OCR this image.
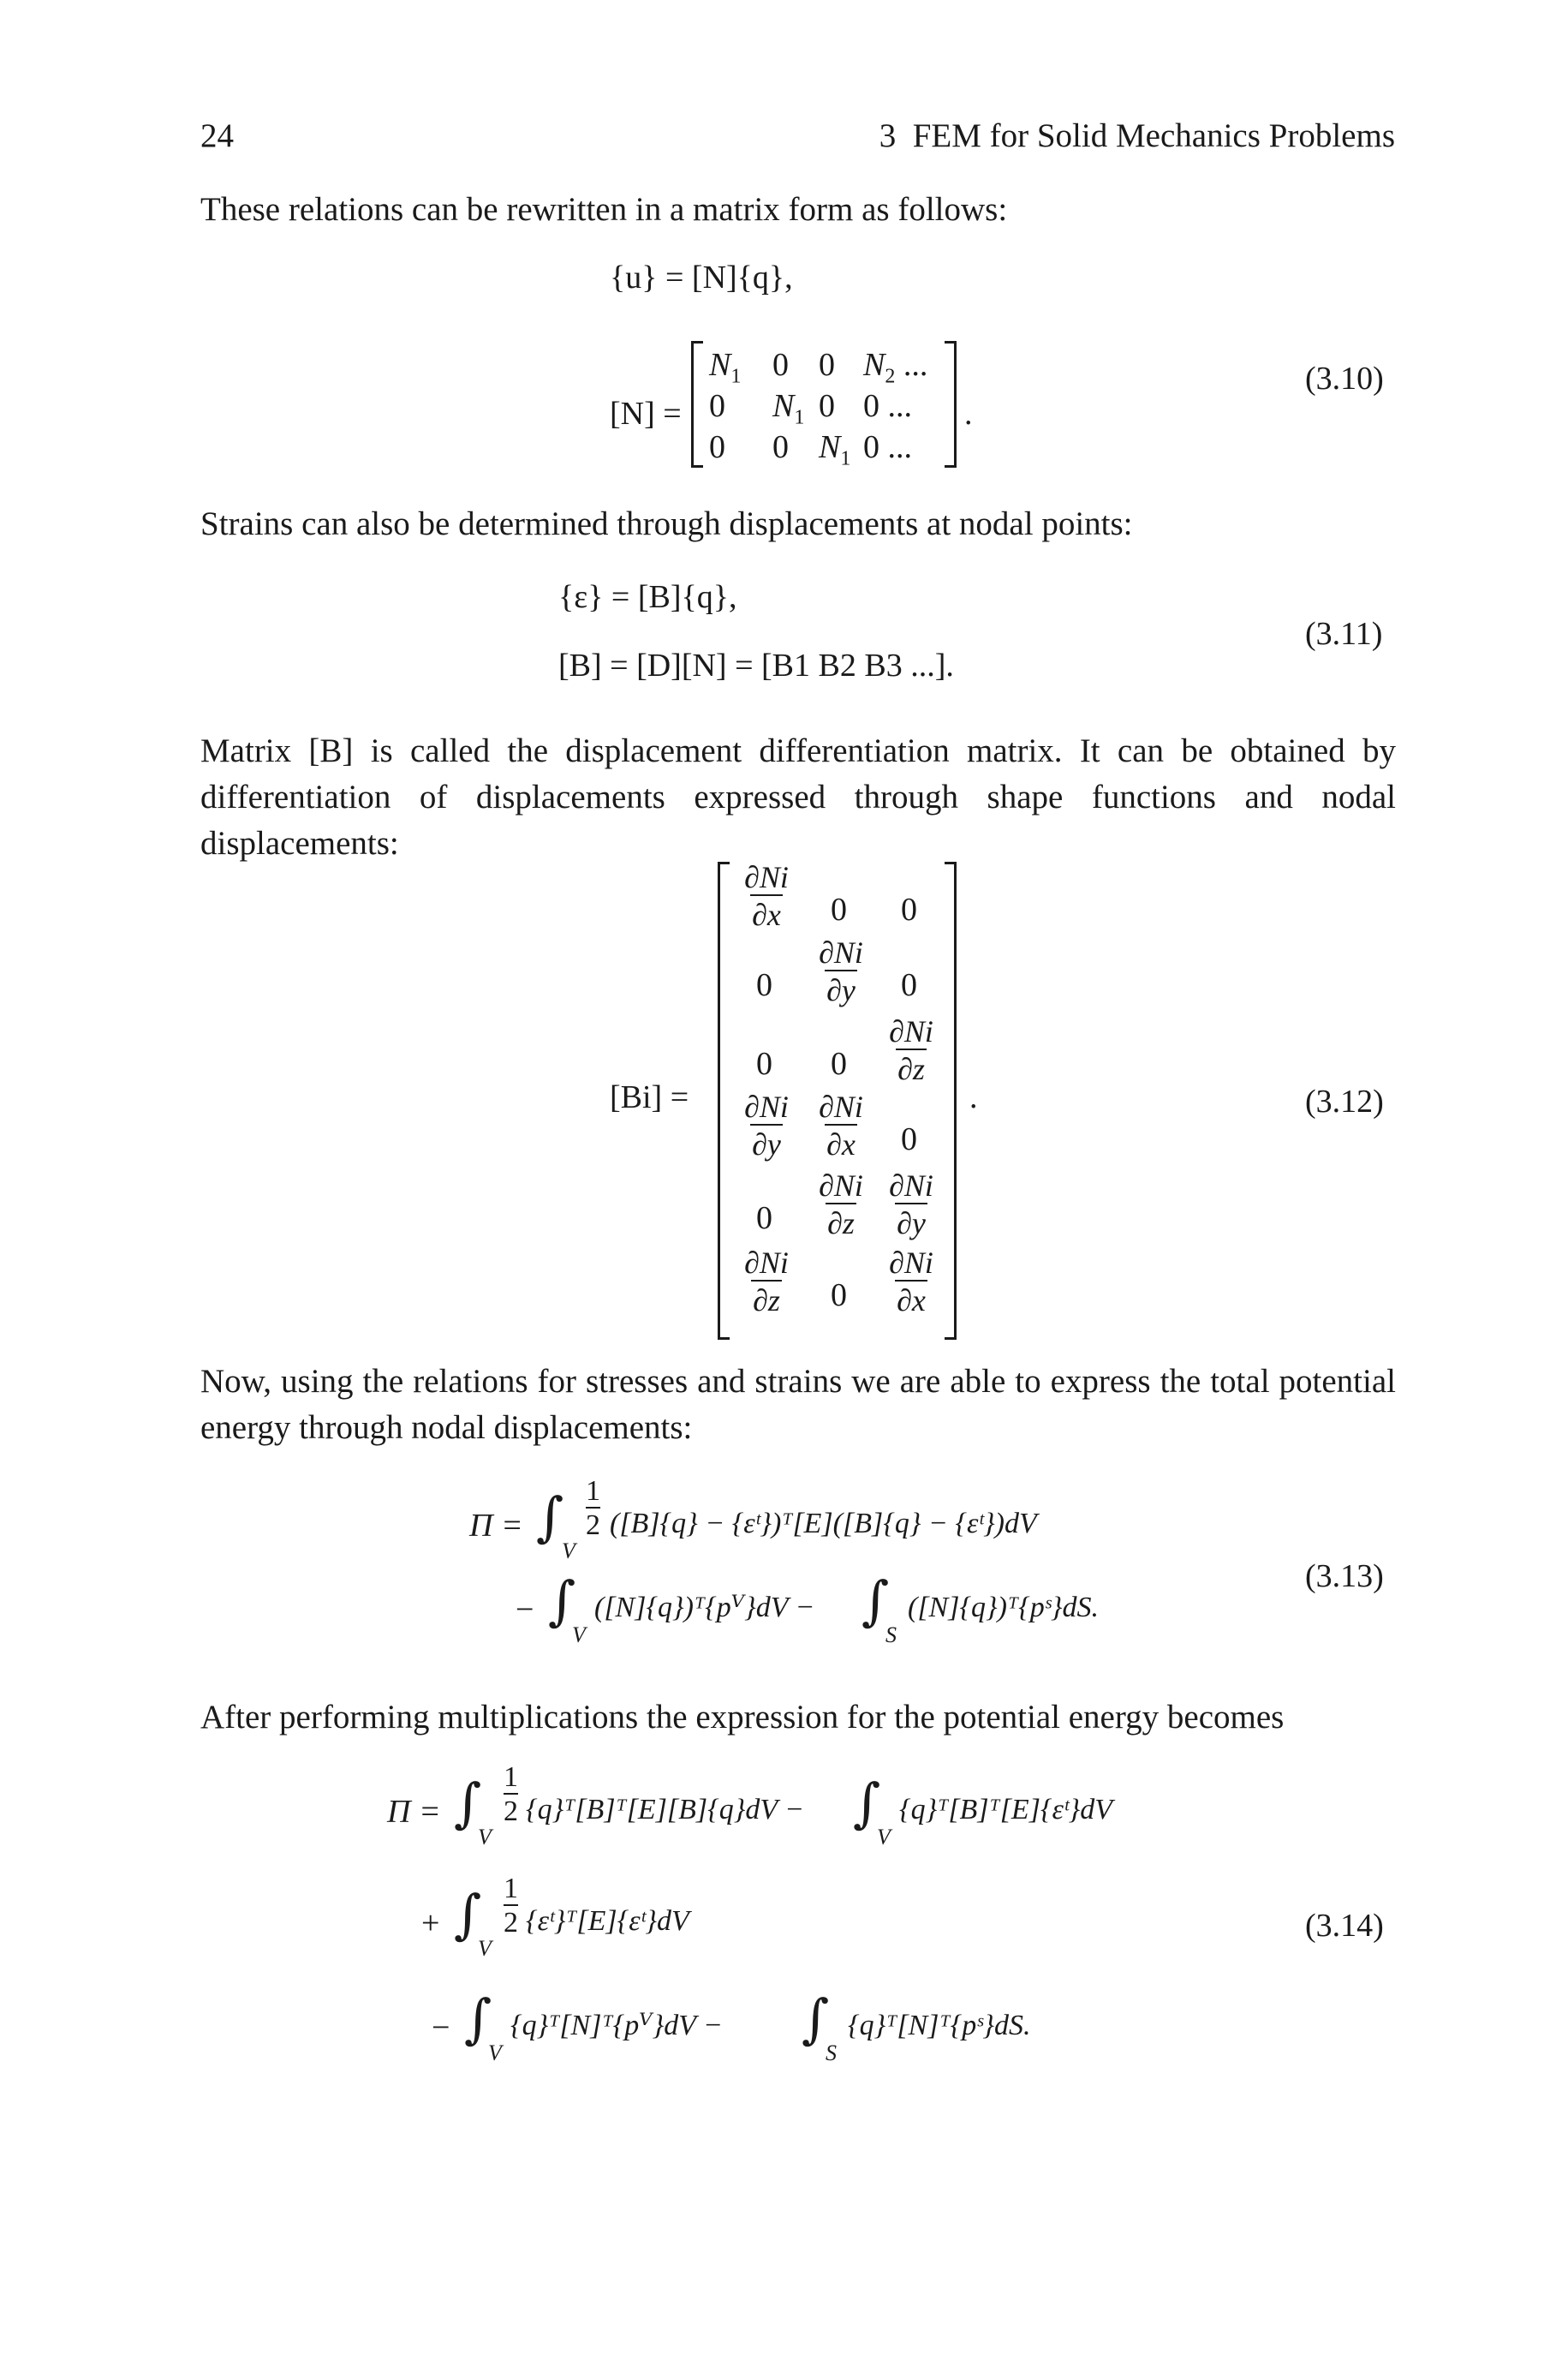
24	3  FEM for Solid Mechanics Problems
These relations can be rewritten in a matrix form as follows:
{u} = [N]{q},
[N] =
$N_1$ 0 0 $N_2$ ...
0 $N_1$ 0 0 ...
0 0 $N_1$ 0 ...
.
(3.10)
Strains can also be determined through displacements at nodal points:
{ε} = [B]{q},
[B] = [D][N] = [B1 B2 B3 ...].
(3.11)
Matrix [B] is called the displacement differentiation matrix. It can be obtained by differentiation of displacements expressed through shape functions and nodal displacements:
[Bi] =
$\frac{\partial Ni}{\partial x} 0$ 0
$0 \frac{\partial Ni}{\partial y} 0$
0 $0 \frac{\partial Ni}{\partial z}$
$\frac{\partial Ni}{\partial y} \frac{\partial Ni}{\partial x} 0$
$0 \frac{\partial Ni}{\partial z} \frac{\partial Ni}{\partial y}$
$\frac{\partial Ni}{\partial z} 0 \frac{\partial Ni}{\partial x}$
.	(3.12)
Now, using the relations for stresses and strains we are able to express the total potential energy through nodal displacements:
Π = ∫
V
$\frac{1}{2} ([B]\{q\}$ − {εᵗ})ᵀ[E]([B]{q} − {εᵗ})dV
− ∫
V
([N]{q})ᵀ{pⱽ}dV − ∫
S
([N]{q})ᵀ{pˢ}dS.
(3.13)
After performing multiplications the expression for the potential energy becomes
Π = ∫
V
$\frac{1}{2}$ {q}ᵀ[B]ᵀ[E][B]{q}dV − ∫
V
{q}ᵀ[B]ᵀ[E]{εᵗ}dV
+ ∫
V
$\frac{1}{2}$ {εᵗ}ᵀ[E]{εᵗ}dV
− ∫
V
{q}ᵀ[N]ᵀ{pⱽ}dV − ∫
S
{q}ᵀ[N]ᵀ{pˢ}dS.
(3.14)
